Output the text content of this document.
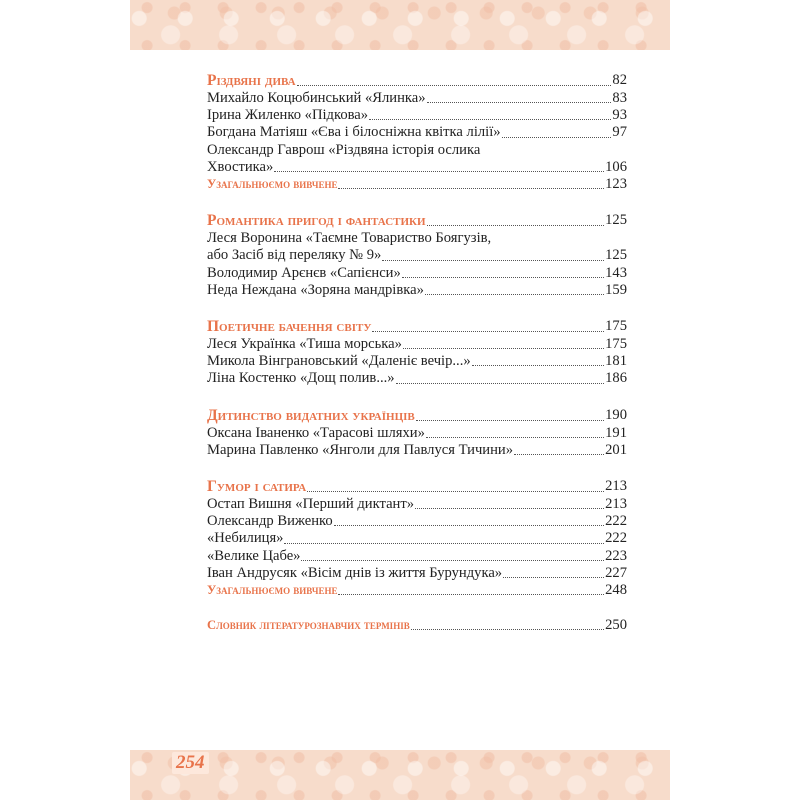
Різдвяні дива	82
Михайло Коцюбинський «Ялинка»	83
Ірина Жиленко «Підкова»	93
Богдана Матіяш «Єва і білосніжна квітка лілії»	97
Олександр Гаврош «Різдвяна історія ослика
Хвостика»	106
Узагальнюємо вивчене	123
Романтика пригод і фантастики	125
Леся Воронина «Таємне Товариство Боягузів,
або Засіб від переляку № 9»	125
Володимир Арєнєв «Сапієнси»	143
Неда Неждана «Зоряна мандрівка»	159
Поетичне бачення світу	175
Леся Українка «Тиша морська»	175
Микола Вінграновський «Даленіє вечір...»	181
Ліна Костенко «Дощ полив...»	186
Дитинство видатних українців	190
Оксана Іваненко «Тарасові шляхи»	191
Марина Павленко «Янголи для Павлуся Тичини»	201
Гумор і сатира	213
Остап Вишня «Перший диктант»	213
Олександр Виженко	222
«Небилиця»	222
«Велике Цабе»	223
Іван Андрусяк «Вісім днів із життя Бурундука»	227
Узагальнюємо вивчене	248
Словник літературознавчих термінів	250
254
